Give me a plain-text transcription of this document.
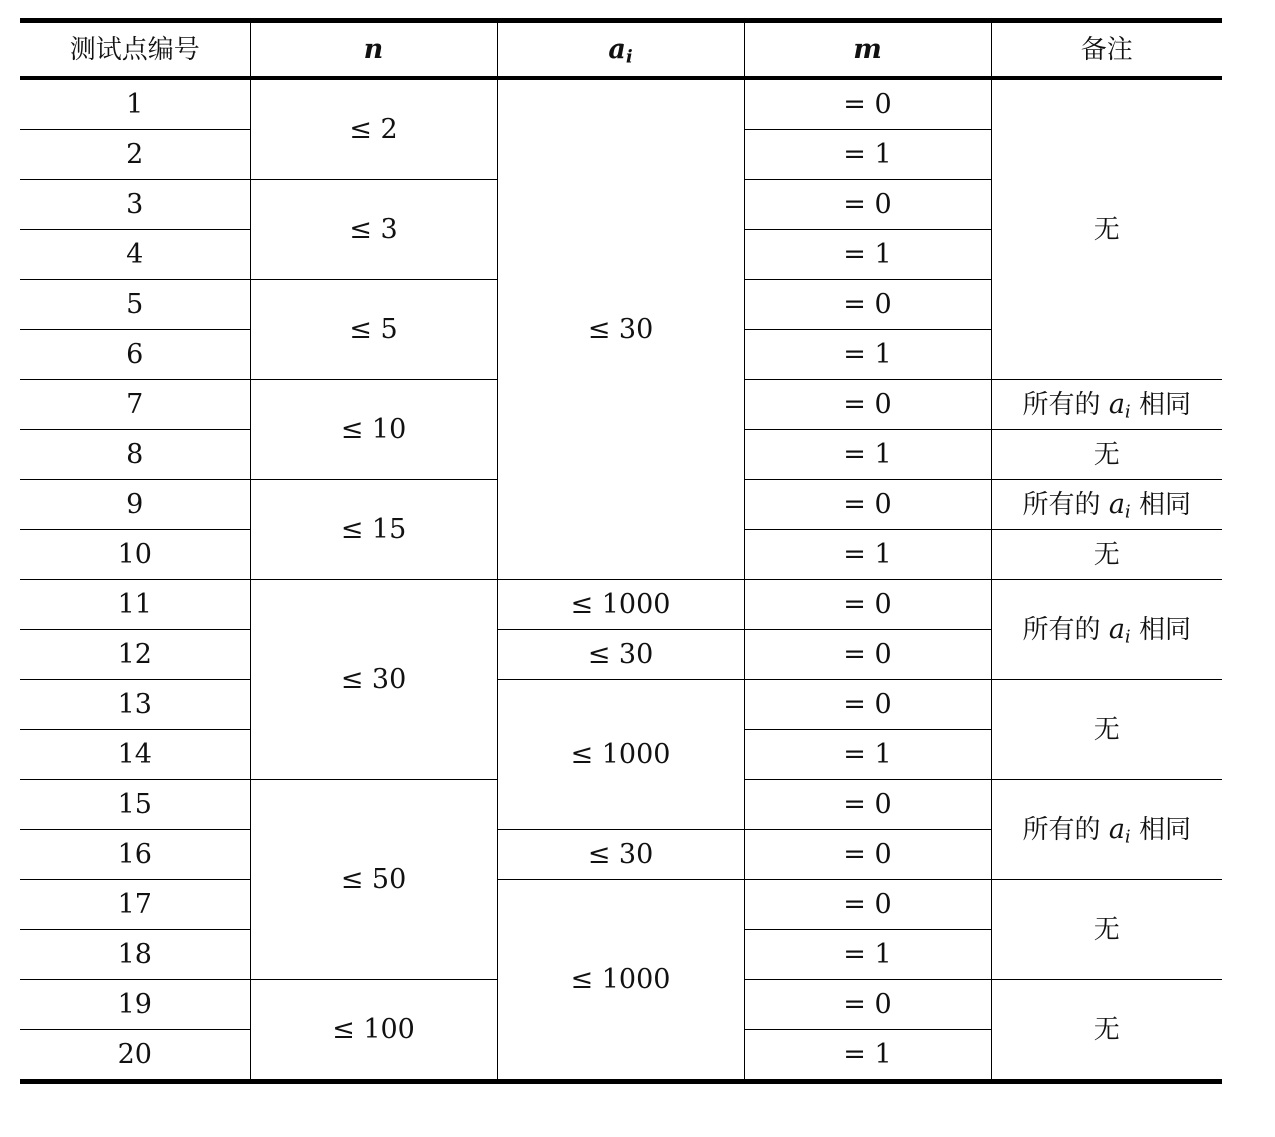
测试点编号	n	$a_i$	m	备注
1	≤ 2	≤ 30	= 0	无
2			= 1	
3	≤ 3		= 0	
4			= 1	
5	≤ 5		= 0	
6			= 1	
7	≤ 10		= 0	所有的 $a_i$ 相同
8			= 1	无
9	≤ 15		= 0	所有的 $a_i$ 相同
10			= 1	无
11	≤ 30	≤ 1000	= 0	所有的 $a_i$ 相同
12		≤ 30	= 0	
13		≤ 1000	= 0	无
14			= 1	
15	≤ 50		= 0	所有的 $a_i$ 相同
16		≤ 30	= 0	
17		≤ 1000	= 0	无
18			= 1	
19	≤ 100		= 0	无
20			= 1	
